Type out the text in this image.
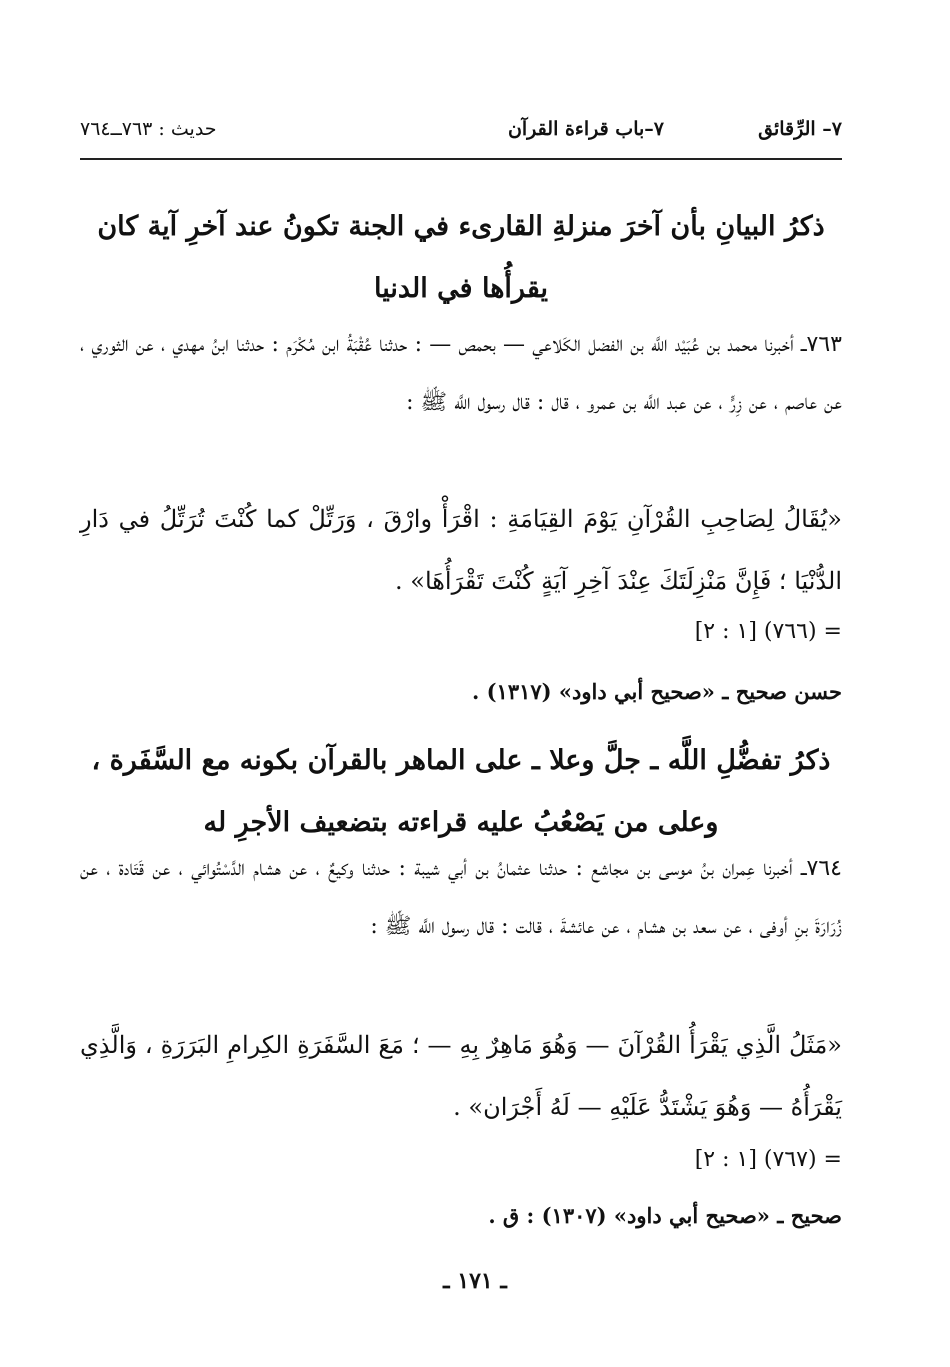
٧– الرِّقائق
٧–باب قراءة القرآن
حديث : ٧٦٣ــ٧٦٤
ذكرُ البيانِ بأن آخرَ منزلةِ القارىء في الجنة تكونُ عند آخرِ آية كان يقرأُها في الدنيا
٧٦٣ــ أخبرنا محمد بن عُبَيْد اللَّه بن الفضل الكَلاعي — بحمص — : حدثنا عُقْبَةُ ابن مُكْرَم : حدثنا ابنُ مهدي ، عن الثوري ، عن عاصم ، عن زِرٍّ ، عن عبد اللَّه بن عمرو ، قال : قال رسول اللَّه ﷺ :
«يُقَالُ لِصَاحِبِ القُرْآنِ يَوْمَ القِيَامَةِ : اقْرَأْ وارْقَ ، وَرَتِّلْ كما كُنْتَ تُرَتِّلُ في دَارِ الدُّنْيَا ؛ فَإِنَّ مَنْزِلَتَكَ عِنْدَ آخِرِ آيَةٍ كُنْتَ تَقْرَأُهَا» .
= (٧٦٦) [١ : ٢]
حسن صحيح ـ «صحيح أبي داود» (١٣١٧) .
ذكرُ تفضُّلِ اللَّه ـ جلَّ وعلا ـ على الماهر بالقرآن بكونه مع السَّفَرة ، وعلى من يَصْعُبُ عليه قراءته بتضعيف الأجرِ له
٧٦٤ــ أخبرنا عِمران بنُ موسى بن مجاشع : حدثنا عثمانُ بن أبي شيبة : حدثنا وكيعٌ ، عن هشام الدَّسْتُوائي ، عن قَتَادة ، عن زُرَارَةَ بنِ أوفى ، عن سعد بن هشام ، عن عائشةَ ، قالت : قال رسول اللَّه ﷺ :
«مَثَلُ الَّذِي يَقْرَأُ القُرْآنَ — وَهُوَ مَاهِرٌ بِهِ — ؛ مَعَ السَّفَرَةِ الكِرامِ البَرَرَةِ ، وَالَّذِي يَقْرَأُهُ — وَهُوَ يَشْتَدُّ عَلَيْهِ — لَهُ أَجْرَان» .
= (٧٦٧) [١ : ٢]
صحيح ـ «صحيح أبي داود» (١٣٠٧) : ق .
ـ ١٧١ ـ
